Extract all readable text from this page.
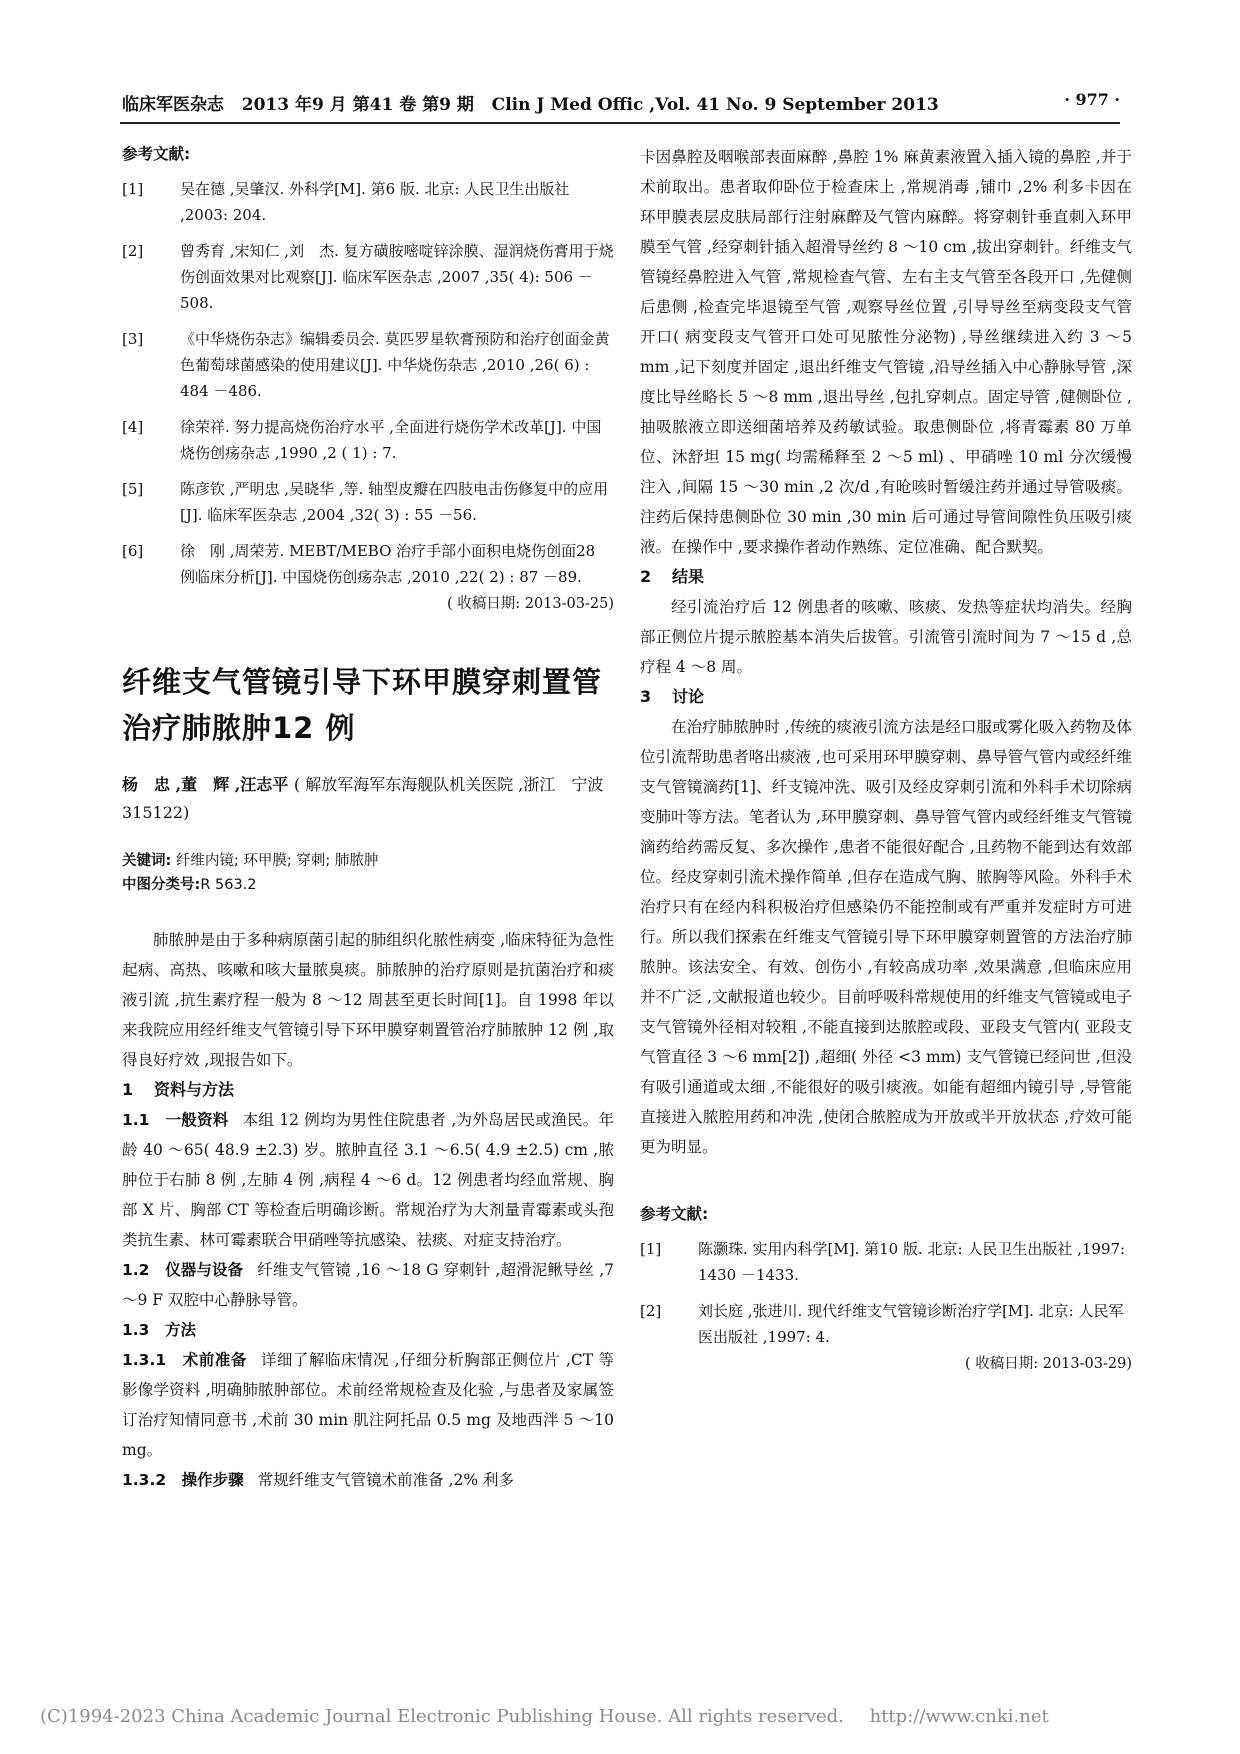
临床军医杂志 2013 年9 月 第41 卷 第9 期 Clin J Med Offic ,Vol. 41 No. 9 September 2013	· 977 ·
参考文献:
[1] 吴在德 ,吴肇汉. 外科学[M]. 第6 版. 北京: 人民卫生出版社 ,2003: 204.
[2] 曾秀育 ,宋知仁 ,刘　杰. 复方磺胺嘧啶锌涂膜、湿润烧伤膏用于烧伤创面效果对比观察[J]. 临床军医杂志 ,2007 ,35( 4): 506 －508.
[3] 《中华烧伤杂志》编辑委员会. 莫匹罗星软膏预防和治疗创面金黄色葡萄球菌感染的使用建议[J]. 中华烧伤杂志 ,2010 ,26( 6) : 484 －486.
[4] 徐荣祥. 努力提高烧伤治疗水平 ,全面进行烧伤学术改革[J]. 中国烧伤创疡杂志 ,1990 ,2 ( 1) : 7.
[5] 陈彦钦 ,严明忠 ,吴晓华 ,等. 轴型皮瓣在四肢电击伤修复中的应用[J]. 临床军医杂志 ,2004 ,32( 3) : 55 －56.
[6] 徐　刚 ,周荣芳. MEBT/MEBO 治疗手部小面积电烧伤创面28 例临床分析[J]. 中国烧伤创疡杂志 ,2010 ,22( 2) : 87 －89.
( 收稿日期: 2013-03-25)
纤维支气管镜引导下环甲膜穿刺置管治疗肺脓肿12 例
杨　忠 ,董　辉 ,汪志平 ( 解放军海军东海舰队机关医院 ,浙江　宁波　315122)
关键词: 纤维内镜; 环甲膜; 穿刺; 肺脓肿
中图分类号:R 563.2

肺脓肿是由于多种病原菌引起的肺组织化脓性病变 ,临床特征为急性起病、高热、咳嗽和咳大量脓臭痰。肺脓肿的治疗原则是抗菌治疗和痰液引流 ,抗生素疗程一般为 8 ～12 周甚至更长时间[1]。自 1998 年以来我院应用经纤维支气管镜引导下环甲膜穿刺置管治疗肺脓肿 12 例 ,取得良好疗效 ,现报告如下。

1 资料与方法

1.1　一般资料 本组 12 例均为男性住院患者 ,为外岛居民或渔民。年龄 40 ～65( 48.9 ±2.3) 岁。脓肿直径 3.1 ～6.5( 4.9 ±2.5) cm ,脓肿位于右肺 8 例 ,左肺 4 例 ,病程 4 ～6 d。12 例患者均经血常规、胸部 X 片、胸部 CT 等检查后明确诊断。常规治疗为大剂量青霉素或头孢类抗生素、林可霉素联合甲硝唑等抗感染、祛痰、对症支持治疗。

1.2　仪器与设备 纤维支气管镜 ,16 ～18 G 穿刺针 ,超滑泥鳅导丝 ,7 ～9 F 双腔中心静脉导管。

1.3　方法

1.3.1　术前准备 详细了解临床情况 ,仔细分析胸部正侧位片 ,CT 等影像学资料 ,明确肺脓肿部位。术前经常规检查及化验 ,与患者及家属签订治疗知情同意书 ,术前 30 min 肌注阿托品 0.5 mg 及地西泮 5 ～10 mg。

1.3.2　操作步骤 常规纤维支气管镜术前准备 ,2% 利多

卡因鼻腔及咽喉部表面麻醉 ,鼻腔 1% 麻黄素液置入插入镜的鼻腔 ,并于术前取出。患者取仰卧位于检查床上 ,常规消毒 ,铺巾 ,2% 利多卡因在环甲膜表层皮肤局部行注射麻醉及气管内麻醉。将穿刺针垂直刺入环甲膜至气管 ,经穿刺针插入超滑导丝约 8 ～10 cm ,拔出穿刺针。纤维支气管镜经鼻腔进入气管 ,常规检查气管、左右主支气管至各段开口 ,先健侧后患侧 ,检查完毕退镜至气管 ,观察导丝位置 ,引导导丝至病变段支气管开口( 病变段支气管开口处可见脓性分泌物) ,导丝继续进入约 3 ～5 mm ,记下刻度并固定 ,退出纤维支气管镜 ,沿导丝插入中心静脉导管 ,深度比导丝略长 5 ～8 mm ,退出导丝 ,包扎穿刺点。固定导管 ,健侧卧位 ,抽吸脓液立即送细菌培养及药敏试验。取患侧卧位 ,将青霉素 80 万单位、沐舒坦 15 mg( 均需稀释至 2 ～5 ml) 、甲硝唑 10 ml 分次缓慢注入 ,间隔 15 ～30 min ,2 次/d ,有呛咳时暂缓注药并通过导管吸痰。注药后保持患侧卧位 30 min ,30 min 后可通过导管间隙性负压吸引痰液。在操作中 ,要求操作者动作熟练、定位准确、配合默契。

2 结果

经引流治疗后 12 例患者的咳嗽、咳痰、发热等症状均消失。经胸部正侧位片提示脓腔基本消失后拔管。引流管引流时间为 7 ～15 d ,总疗程 4 ～8 周。

3 讨论

在治疗肺脓肿时 ,传统的痰液引流方法是经口服或雾化吸入药物及体位引流帮助患者咯出痰液 ,也可采用环甲膜穿刺、鼻导管气管内或经纤维支气管镜滴药[1]、纤支镜冲洗、吸引及经皮穿刺引流和外科手术切除病变肺叶等方法。笔者认为 ,环甲膜穿刺、鼻导管气管内或经纤维支气管镜滴药给药需反复、多次操作 ,患者不能很好配合 ,且药物不能到达有效部位。经皮穿刺引流术操作简单 ,但存在造成气胸、脓胸等风险。外科手术治疗只有在经内科积极治疗但感染仍不能控制或有严重并发症时方可进行。所以我们探索在纤维支气管镜引导下环甲膜穿刺置管的方法治疗肺脓肿。该法安全、有效、创伤小 ,有较高成功率 ,效果满意 ,但临床应用并不广泛 ,文献报道也较少。目前呼吸科常规使用的纤维支气管镜或电子支气管镜外径相对较粗 ,不能直接到达脓腔或段、亚段支气管内( 亚段支气管直径 3 ～6 mm[2]) ,超细( 外径 <3 mm) 支气管镜已经问世 ,但没有吸引通道或太细 ,不能很好的吸引痰液。如能有超细内镜引导 ,导管能直接进入脓腔用药和冲洗 ,使闭合脓腔成为开放或半开放状态 ,疗效可能更为明显。

参考文献:
[1] 陈灏珠. 实用内科学[M]. 第10 版. 北京: 人民卫生出版社 ,1997: 1430 －1433.
[2] 刘长庭 ,张进川. 现代纤维支气管镜诊断治疗学[M]. 北京: 人民军医出版社 ,1997: 4.
( 收稿日期: 2013-03-29)
(C)1994-2023 China Academic Journal Electronic Publishing House. All rights reserved. http://www.cnki.net
